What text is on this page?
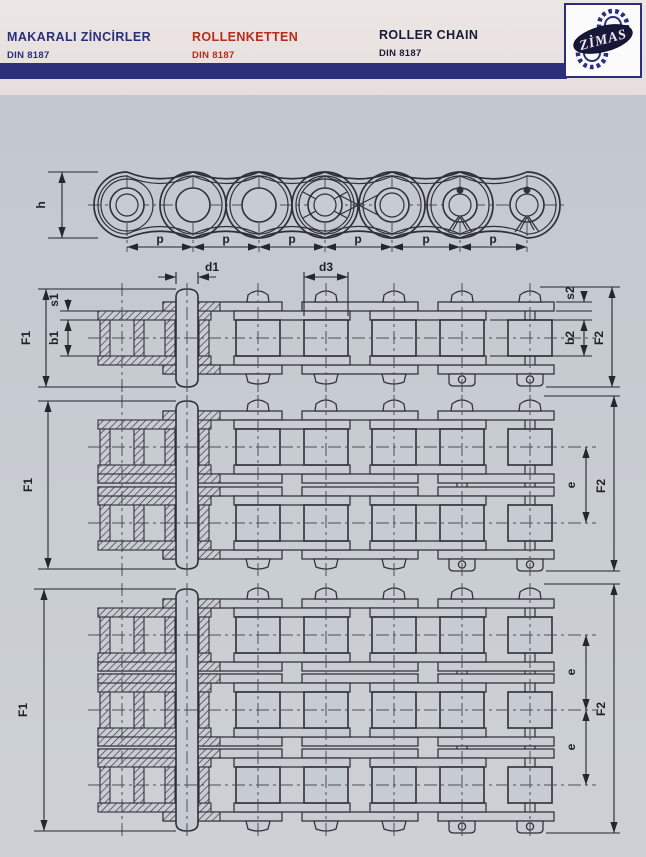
MAKARALI ZİNCİRLER
DIN 8187
ROLLENKETTEN
DIN 8187
ROLLER CHAIN
DIN 8187	ZİMAS
h
p	p	p	p	p	p
F1
s1
b1
d1	d3
s2
b2 F2
F1	e F2
F1
e
e
F2
